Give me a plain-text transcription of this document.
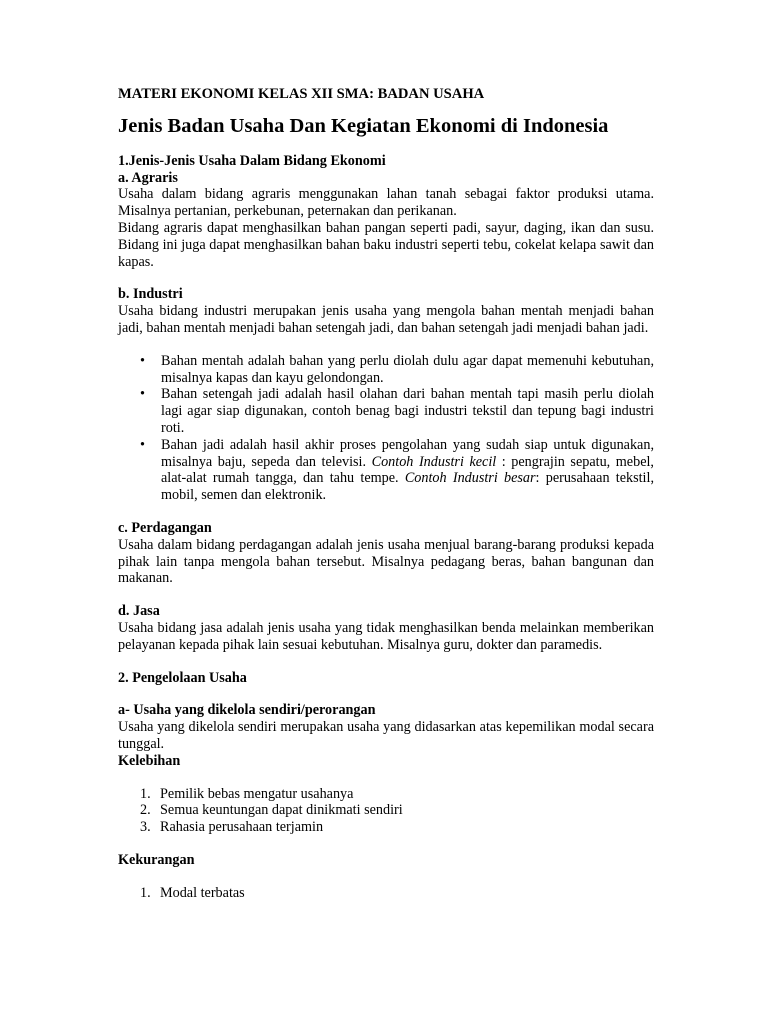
MATERI EKONOMI KELAS XII SMA: BADAN USAHA
Jenis Badan Usaha Dan Kegiatan Ekonomi di Indonesia
1.Jenis-Jenis Usaha Dalam Bidang Ekonomi
a. Agraris

Usaha dalam bidang agraris menggunakan lahan tanah sebagai faktor produksi utama. Misalnya pertanian, perkebunan, peternakan dan perikanan.

Bidang agraris dapat menghasilkan bahan pangan seperti padi, sayur, daging, ikan dan susu. Bidang ini juga dapat menghasilkan bahan baku industri seperti tebu, cokelat kelapa sawit dan kapas.

b. Industri

Usaha bidang industri merupakan jenis usaha yang mengola bahan mentah menjadi bahan jadi, bahan mentah menjadi bahan setengah jadi, dan bahan setengah jadi menjadi bahan jadi.

• Bahan mentah adalah bahan yang perlu diolah dulu agar dapat memenuhi kebutuhan, misalnya kapas dan kayu gelondongan.
• Bahan setengah jadi adalah hasil olahan dari bahan mentah tapi masih perlu diolah lagi agar siap digunakan, contoh benag bagi industri tekstil dan tepung bagi industri roti.
• Bahan jadi adalah hasil akhir proses pengolahan yang sudah siap untuk digunakan, misalnya baju, sepeda dan televisi. Contoh Industri kecil : pengrajin sepatu, mebel, alat-alat rumah tangga, dan tahu tempe. Contoh Industri besar: perusahaan tekstil, mobil, semen dan elektronik.
c. Perdagangan

Usaha dalam bidang perdagangan adalah jenis usaha menjual barang-barang produksi kepada pihak lain tanpa mengola bahan tersebut. Misalnya pedagang beras, bahan bangunan dan makanan.

d. Jasa

Usaha bidang jasa adalah jenis usaha yang tidak menghasilkan benda melainkan memberikan pelayanan kepada pihak lain sesuai kebutuhan. Misalnya guru, dokter dan paramedis.

2. Pengelolaan Usaha
a- Usaha yang dikelola sendiri/perorangan

Usaha yang dikelola sendiri merupakan usaha yang didasarkan atas kepemilikan modal secara tunggal.

Kelebihan
1. Pemilik bebas mengatur usahanya
2. Semua keuntungan dapat dinikmati sendiri
3. Rahasia perusahaan terjamin
Kekurangan
1. Modal terbatas
